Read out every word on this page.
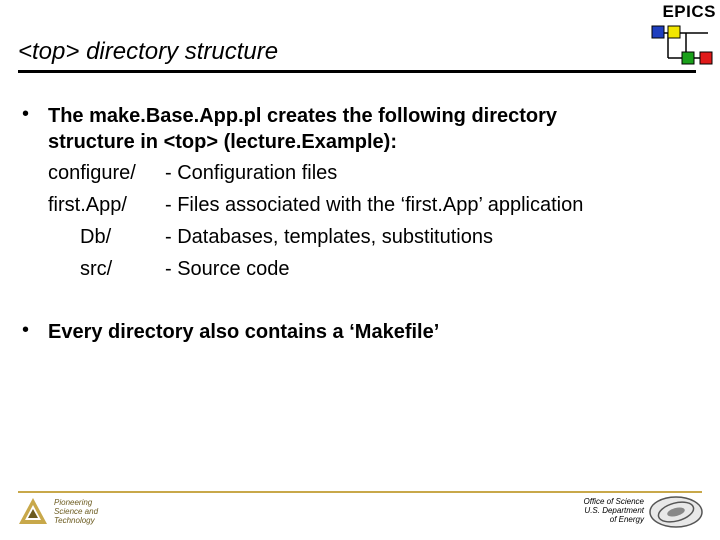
EPICS
<top> directory structure
• The make.Base.App.pl creates the following directory
structure in <top> (lecture.Example):
configure/ - Configuration files
first.App/ - Files associated with the ‘first.App’ application
Db/	- Databases, templates, substitutions
src/	- Source code
• Every directory also contains a ‘Makefile’
Pioneering
Science and
Technology
Office of Science
U.S. Department
of Energy
